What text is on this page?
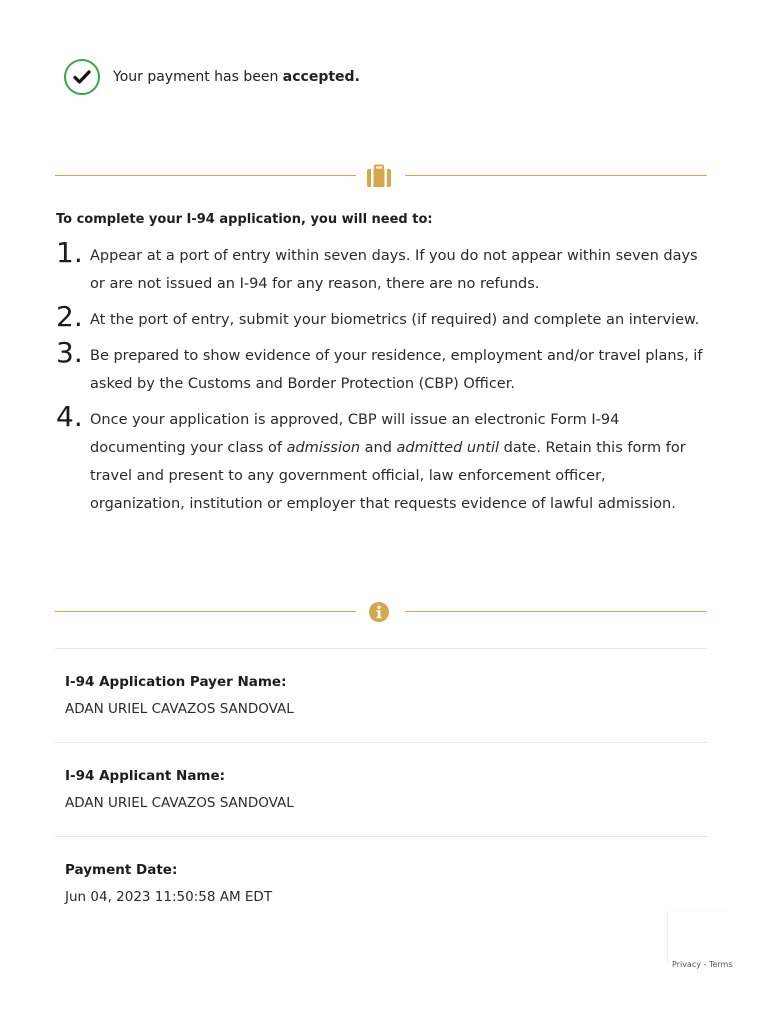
Your payment has been accepted.

To complete your I-94 application, you will need to:

1. Appear at a port of entry within seven days. If you do not appear within seven days or are not issued an I-94 for any reason, there are no refunds.
2. At the port of entry, submit your biometrics (if required) and complete an interview.
3. Be prepared to show evidence of your residence, employment and/or travel plans, if asked by the Customs and Border Protection (CBP) Officer.
4. Once your application is approved, CBP will issue an electronic Form I-94 documenting your class of admission and admitted until date. Retain this form for travel and present to any government official, law enforcement officer, organization, institution or employer that requests evidence of lawful admission.
I-94 Application Payer Name:
ADAN URIEL CAVAZOS SANDOVAL
I-94 Applicant Name:
ADAN URIEL CAVAZOS SANDOVAL
Payment Date:
Jun 04, 2023 11:50:58 AM EDT
Privacy - Terms
